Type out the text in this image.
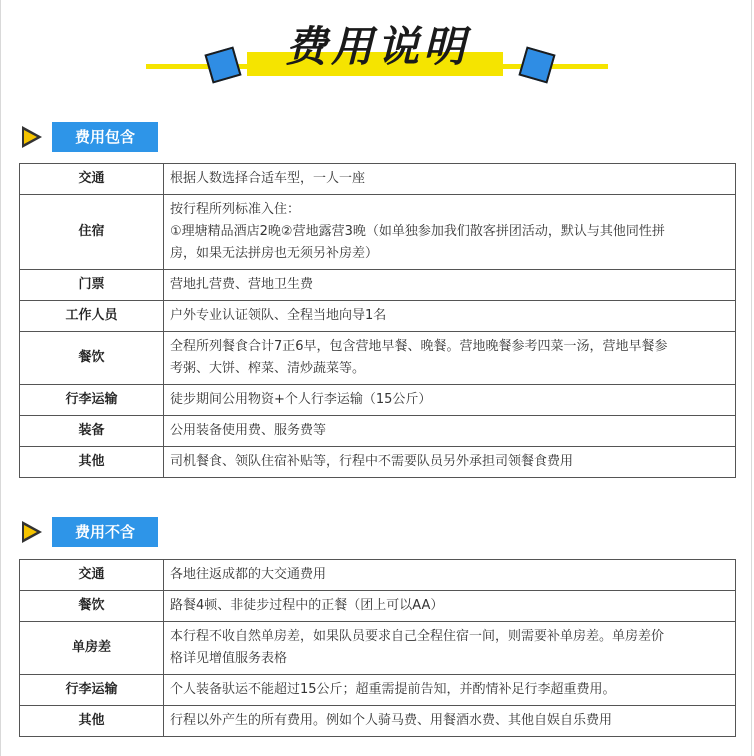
费用说明
费用包含
交通	根据人数选择合适车型，一人一座

住宿	按行程所列标准入住：
①理塘精品酒店2晚②营地露营3晚（如单独参加我们散客拼团活动，默认与其他同性拼
房，如果无法拼房也无须另补房差）

门票	营地扎营费、营地卫生费

工作人员	户外专业认证领队、全程当地向导1名

餐饮	全程所列餐食合计7正6早，包含营地早餐、晚餐。营地晚餐参考四菜一汤，营地早餐参
考粥、大饼、榨菜、清炒蔬菜等。

行李运输	徒步期间公用物资+个人行李运输（15公斤）

装备	公用装备使用费、服务费等

其他	司机餐食、领队住宿补贴等，行程中不需要队员另外承担司领餐食费用
费用不含
交通	各地往返成都的大交通费用

餐饮	路餐4顿、非徒步过程中的正餐（团上可以AA）

单房差	本行程不收自然单房差，如果队员要求自己全程住宿一间，则需要补单房差。单房差价
格详见增值服务表格

行李运输	个人装备驮运不能超过15公斤；超重需提前告知，并酌情补足行李超重费用。

其他	行程以外产生的所有费用。例如个人骑马费、用餐酒水费、其他自娱自乐费用
